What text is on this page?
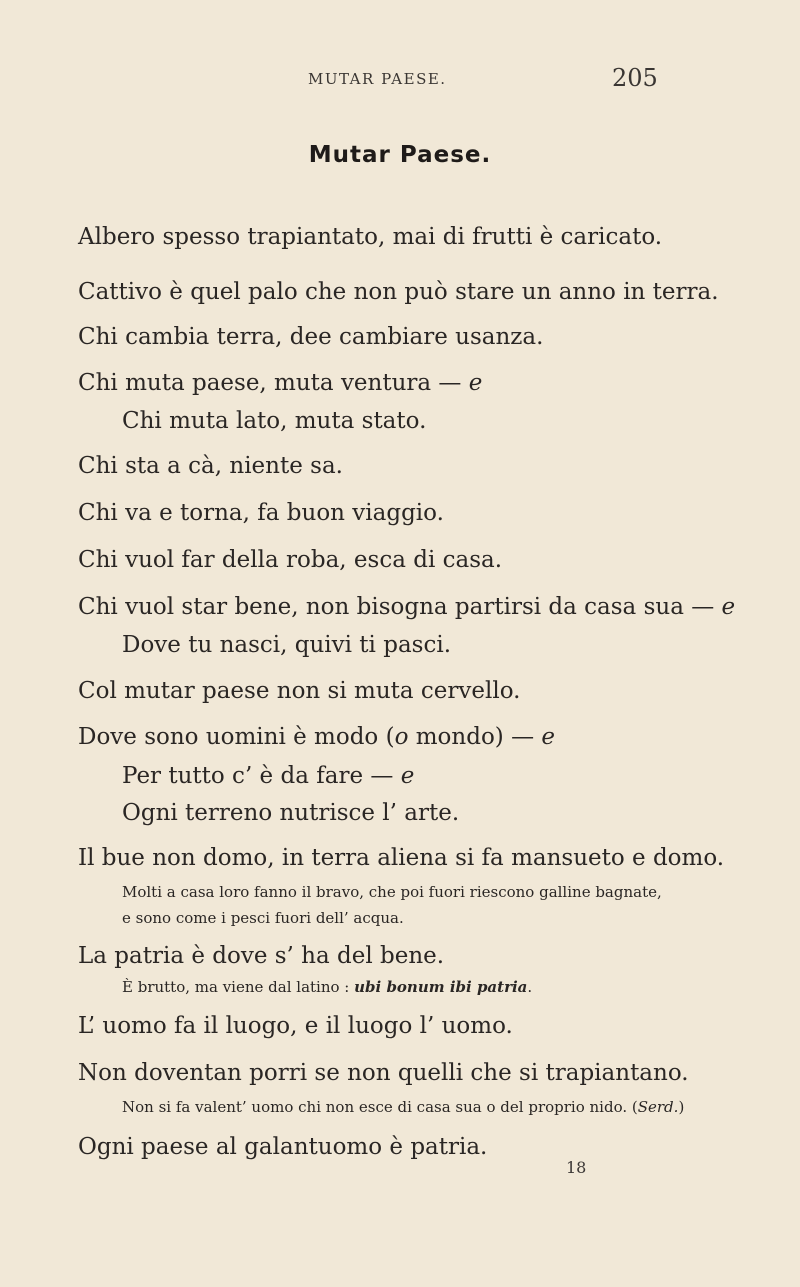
MUTAR PAESE.	205
Mutar Paese.
Albero spesso trapiantato, mai di frutti è caricato.
Cattivo è quel palo che non può stare un anno in terra.
Chi cambia terra, dee cambiare usanza.
Chi muta paese, muta ventura — e
Chi muta lato, muta stato.
Chi sta a cà, niente sa.
Chi va e torna, fa buon viaggio.
Chi vuol far della roba, esca di casa.
Chi vuol star bene, non bisogna partirsi da casa sua — e
Dove tu nasci, quivi ti pasci.
Col mutar paese non si muta cervello.
Dove sono uomini è modo (o mondo) — e
Per tutto c’ è da fare — e
Ogni terreno nutrisce l’ arte.
Il bue non domo, in terra aliena si fa mansueto e domo.
Molti a casa loro fanno il bravo, che poi fuori riescono galline bagnate,
e sono come i pesci fuori dell’ acqua.
La patria è dove s’ ha del bene.
È brutto, ma viene dal latino : ubi bonum ibi patria.
L’ uomo fa il luogo, e il luogo l’ uomo.
Non doventan porri se non quelli che si trapiantano.
Non si fa valent’ uomo chi non esce di casa sua o del proprio nido. (Serd.)
Ogni paese al galantuomo è patria.
18
